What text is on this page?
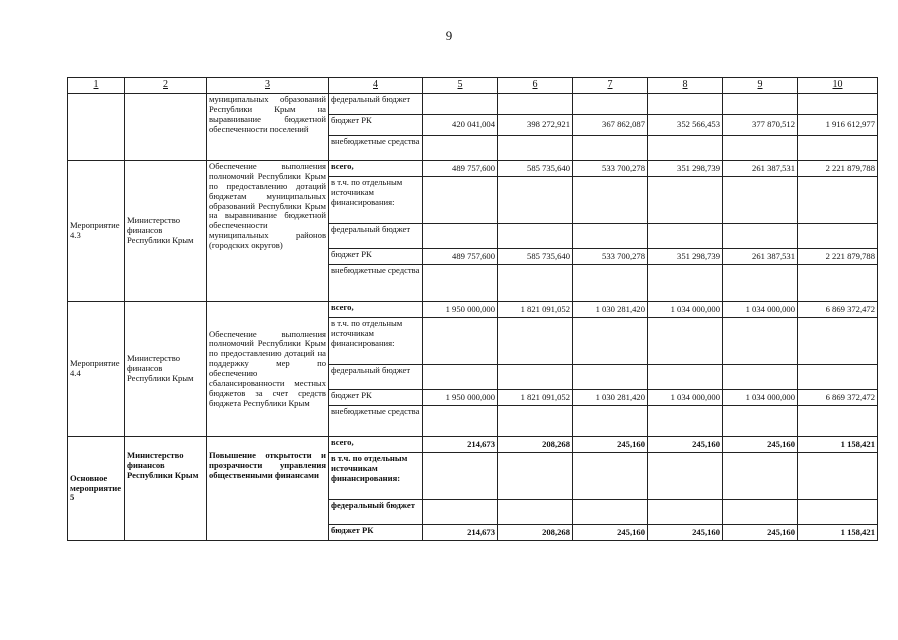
9
1	2	3	4	5	6	7	8	9	10
		муниципальных образований Республики Крым на выравнивание бюджетной обеспеченности поселений	федеральный бюджет						
			бюджет РК	420 041,004	398 272,921	367 862,087	352 566,453	377 870,512	1 916 612,977
			внебюджетные средства						
Мероприятие 4.3	Министерство финансов Республики Крым	Обеспечение выполнения полномочий Республики Крым по предоставлению дотаций бюджетам муниципальных образований Республики Крым на выравнивание бюджетной обеспеченности муниципальных районов (городских округов)	всего,	489 757,600	585 735,640	533 700,278	351 298,739	261 387,531	2 221 879,788
			в т.ч. по отдельным источникам финансирования:						
			федеральный бюджет						
			бюджет РК	489 757,600	585 735,640	533 700,278	351 298,739	261 387,531	2 221 879,788
			внебюджетные средства						
Мероприятие 4.4	Министерство финансов Республики Крым	Обеспечение выполнения полномочий Республики Крым по предоставлению дотаций на поддержку мер по обеспечению сбалансированности местных бюджетов за счет средств бюджета Республики Крым	всего,	1 950 000,000	1 821 091,052	1 030 281,420	1 034 000,000	1 034 000,000	6 869 372,472
			в т.ч. по отдельным источникам финансирования:						
			федеральный бюджет						
			бюджет РК	1 950 000,000	1 821 091,052	1 030 281,420	1 034 000,000	1 034 000,000	6 869 372,472
			внебюджетные средства						
Основное мероприятие 5	Министерство финансов Республики Крым	Повышение открытости и прозрачности управления общественными финансами	всего,	214,673	208,268	245,160	245,160	245,160	1 158,421
			в т.ч. по отдельным источникам финансирования:						
			федеральный бюджет						
			бюджет РК	214,673	208,268	245,160	245,160	245,160	1 158,421
